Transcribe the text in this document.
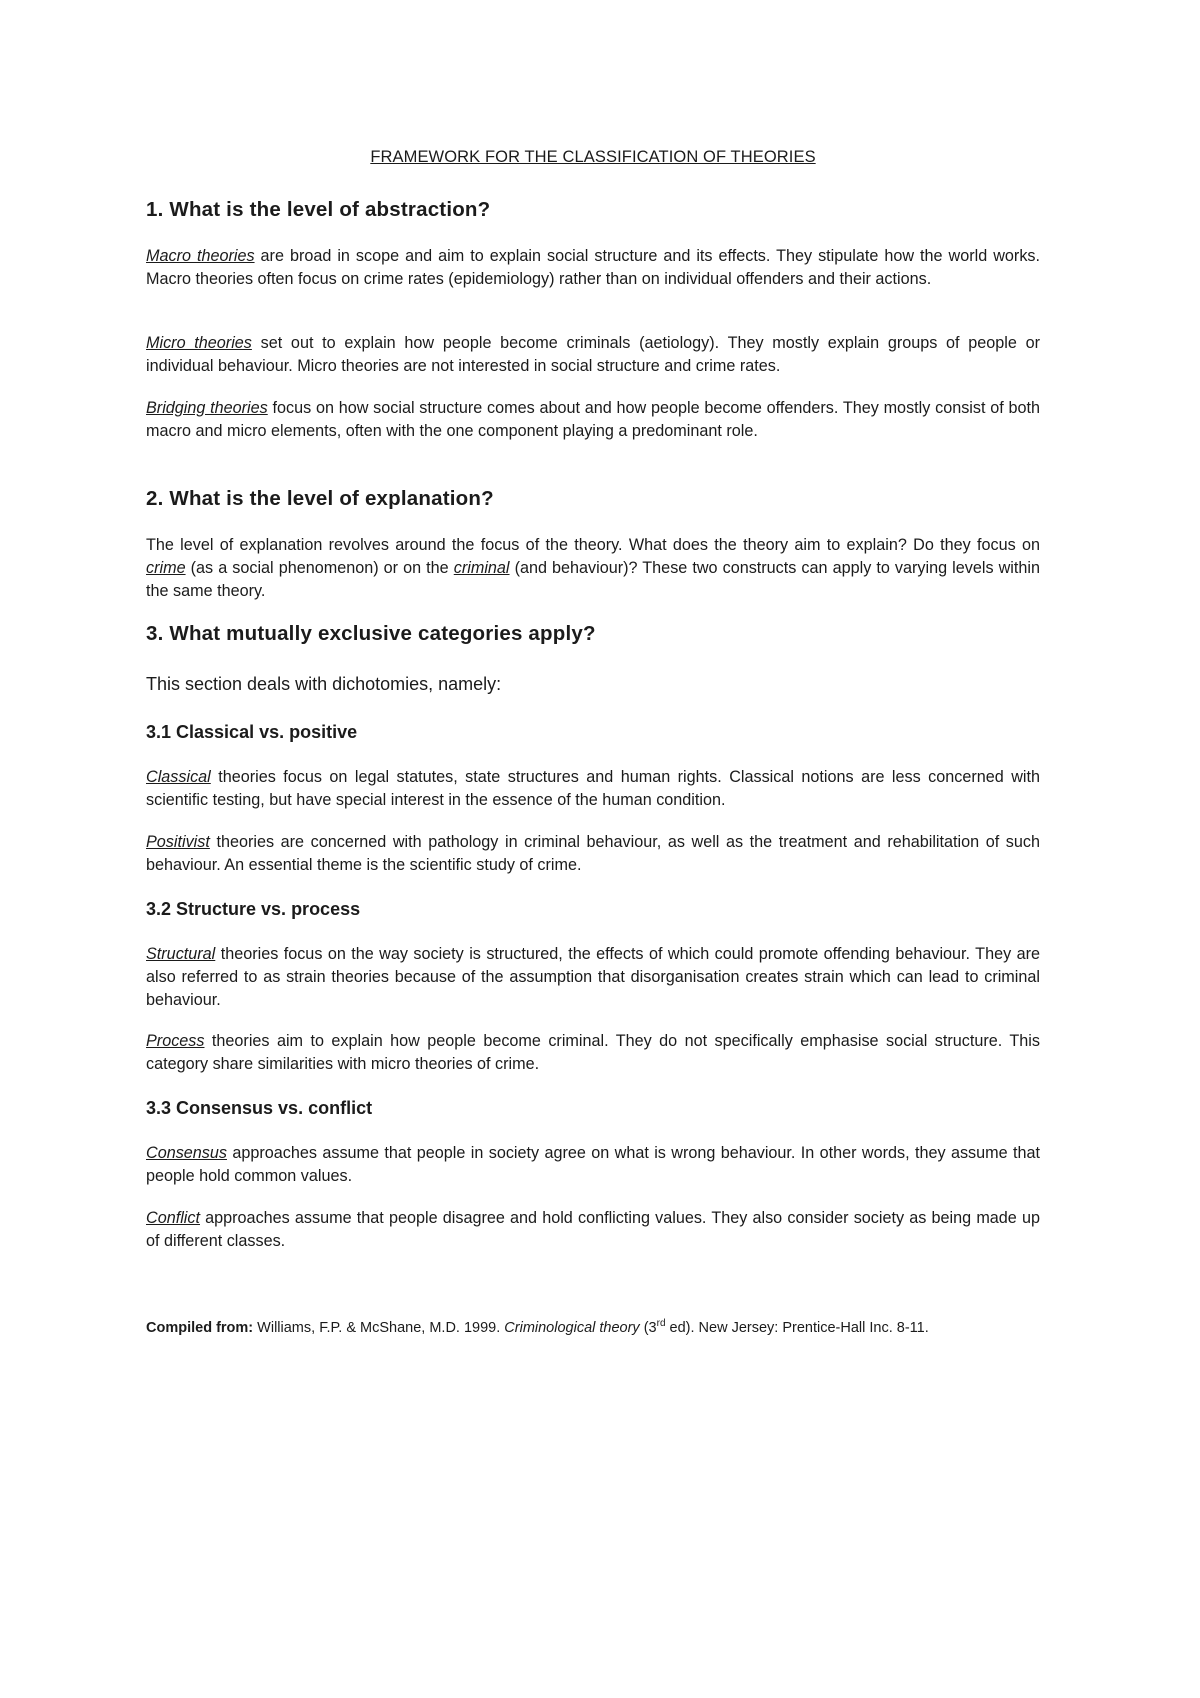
FRAMEWORK FOR THE CLASSIFICATION OF THEORIES
1. What is the level of abstraction?

Macro theories are broad in scope and aim to explain social structure and its effects. They stipulate how the world works. Macro theories often focus on crime rates (epidemiology) rather than on individual offenders and their actions.

Micro theories set out to explain how people become criminals (aetiology). They mostly explain groups of people or individual behaviour. Micro theories are not interested in social structure and crime rates.

Bridging theories focus on how social structure comes about and how people become offenders. They mostly consist of both macro and micro elements, often with the one component playing a predominant role.

2. What is the level of explanation?

The level of explanation revolves around the focus of the theory. What does the theory aim to explain? Do they focus on crime (as a social phenomenon) or on the criminal (and behaviour)? These two constructs can apply to varying levels within the same theory.

3. What mutually exclusive categories apply?

This section deals with dichotomies, namely:

3.1 Classical vs. positive

Classical theories focus on legal statutes, state structures and human rights. Classical notions are less concerned with scientific testing, but have special interest in the essence of the human condition.

Positivist theories are concerned with pathology in criminal behaviour, as well as the treatment and rehabilitation of such behaviour. An essential theme is the scientific study of crime.

3.2 Structure vs. process

Structural theories focus on the way society is structured, the effects of which could promote offending behaviour. They are also referred to as strain theories because of the assumption that disorganisation creates strain which can lead to criminal behaviour.

Process theories aim to explain how people become criminal. They do not specifically emphasise social structure. This category share similarities with micro theories of crime.

3.3 Consensus vs. conflict

Consensus approaches assume that people in society agree on what is wrong behaviour. In other words, they assume that people hold common values.

Conflict approaches assume that people disagree and hold conflicting values. They also consider society as being made up of different classes.

Compiled from: Williams, F.P. & McShane, M.D. 1999. Criminological theory (3rd ed). New Jersey: Prentice-Hall Inc. 8-11.
